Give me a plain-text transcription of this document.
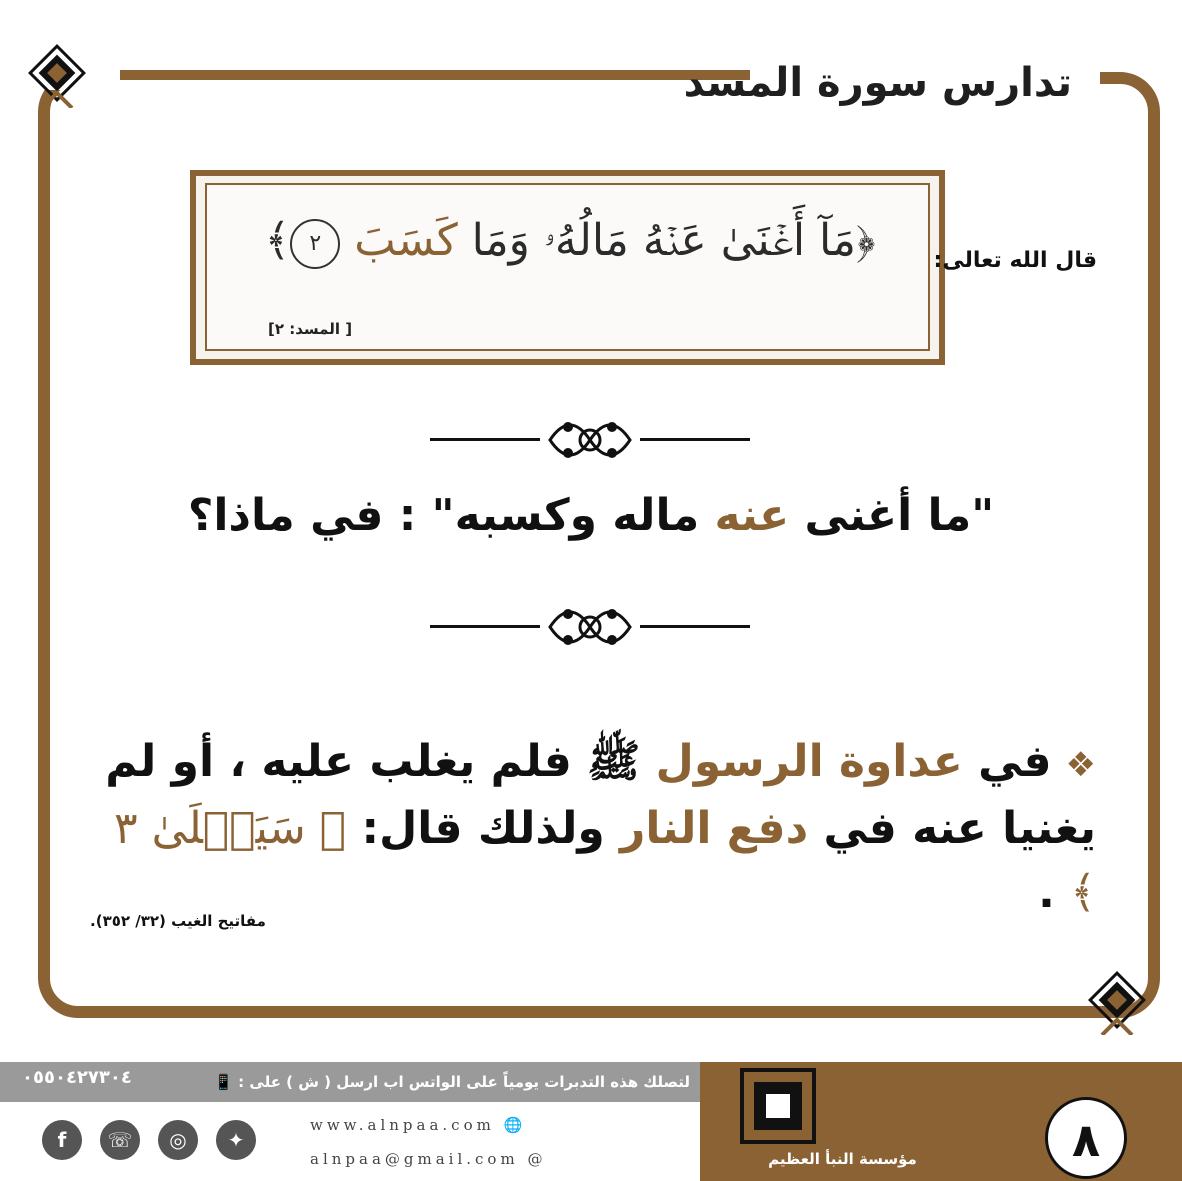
تدارس سورة المسد
قال الله تعالى:
﴿مَآ أَغۡنَىٰ عَنۡهُ مَالُهُۥ وَمَا كَسَبَ ٢﴾
[ المسد: ٢]
"ما أغنى عنه ماله وكسبه" : في ماذا؟
❖في عداوة الرسول ﷺ فلم يغلب عليه ، أو لم يغنيا عنه في دفع النار ولذلك قال: ﴿ سَيَصۡلَىٰ ٣ ﴾ .
مفاتيح الغيب (٣٢/ ٣٥٢).
لتصلك هذه التدبرات يومياً على الواتس اب ارسل ( ش ) على : 📱
٠٥٥٠٤٢٧٣٠٤
f	☏	◎	✦
www.alnpaa.com 🌐
alnpaa@gmail.com @	مؤسسة النبأ العظيم	٨
